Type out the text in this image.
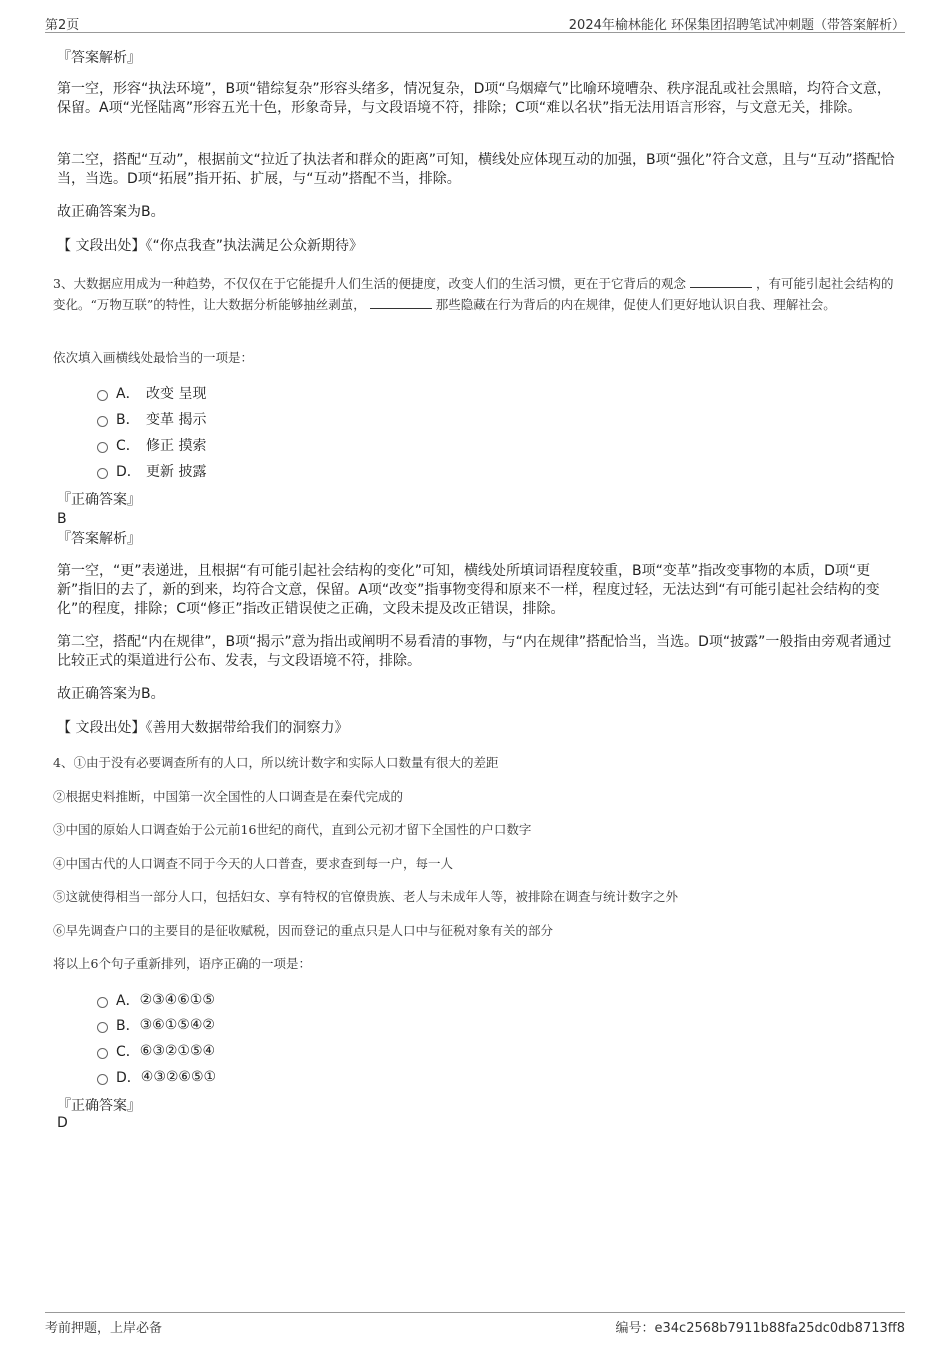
第2页	2024年榆林能化 环保集团招聘笔试冲刺题（带答案解析）
『答案解析』
第一空，形容“执法环境”，B项“错综复杂”形容头绪多，情况复杂，D项“乌烟瘴气”比喻环境嘈杂、秩序混乱或社会黑暗，均符合文意，保留。A项“光怪陆离”形容五光十色，形象奇异，与文段语境不符，排除；C项“难以名状”指无法用语言形容，与文意无关，排除。
第二空，搭配“互动”，根据前文“拉近了执法者和群众的距离”可知，横线处应体现互动的加强，B项“强化”符合文意，且与“互动”搭配恰当，当选。D项“拓展”指开拓、扩展，与“互动”搭配不当，排除。
故正确答案为B。
【 文段出处】《“你点我查”执法满足公众新期待》
3、大数据应用成为一种趋势，不仅仅在于它能提升人们生活的便捷度，改变人们的生活习惯，更在于它背后的观念	，有可能引起社会结构的变化。“万物互联”的特性，让大数据分析能够抽丝剥茧，	那些隐藏在行为背后的内在规律，促使人们更好地认识自我、理解社会。
依次填入画横线处最恰当的一项是：
A． 改变 呈现
B． 变革 揭示
C． 修正 摸索
D． 更新 披露
『正确答案』
B
『答案解析』
第一空，“更”表递进，且根据“有可能引起社会结构的变化”可知，横线处所填词语程度较重，B项“变革”指改变事物的本质，D项“更新”指旧的去了，新的到来，均符合文意，保留。A项“改变”指事物变得和原来不一样，程度过轻，无法达到“有可能引起社会结构的变化”的程度，排除；C项“修正”指改正错误使之正确，文段未提及改正错误，排除。
第二空，搭配“内在规律”，B项“揭示”意为指出或阐明不易看清的事物，与“内在规律”搭配恰当，当选。D项“披露”一般指由旁观者通过比较正式的渠道进行公布、发表，与文段语境不符，排除。
故正确答案为B。
【 文段出处】《善用大数据带给我们的洞察力》
4、①由于没有必要调查所有的人口，所以统计数字和实际人口数量有很大的差距
②根据史料推断，中国第一次全国性的人口调查是在秦代完成的
③中国的原始人口调查始于公元前16世纪的商代，直到公元初才留下全国性的户口数字
④中国古代的人口调查不同于今天的人口普查，要求查到每一户，每一人
⑤这就使得相当一部分人口，包括妇女、享有特权的官僚贵族、老人与未成年人等，被排除在调查与统计数字之外
⑥早先调查户口的主要目的是征收赋税，因而登记的重点只是人口中与征税对象有关的部分
将以上6个句子重新排列，语序正确的一项是：
A． ②③④⑥①⑤
B． ③⑥①⑤④②
C． ⑥③②①⑤④
D． ④③②⑥⑤①
『正确答案』
D
考前押题，上岸必备	编号：e34c2568b7911b88fa25dc0db8713ff8
